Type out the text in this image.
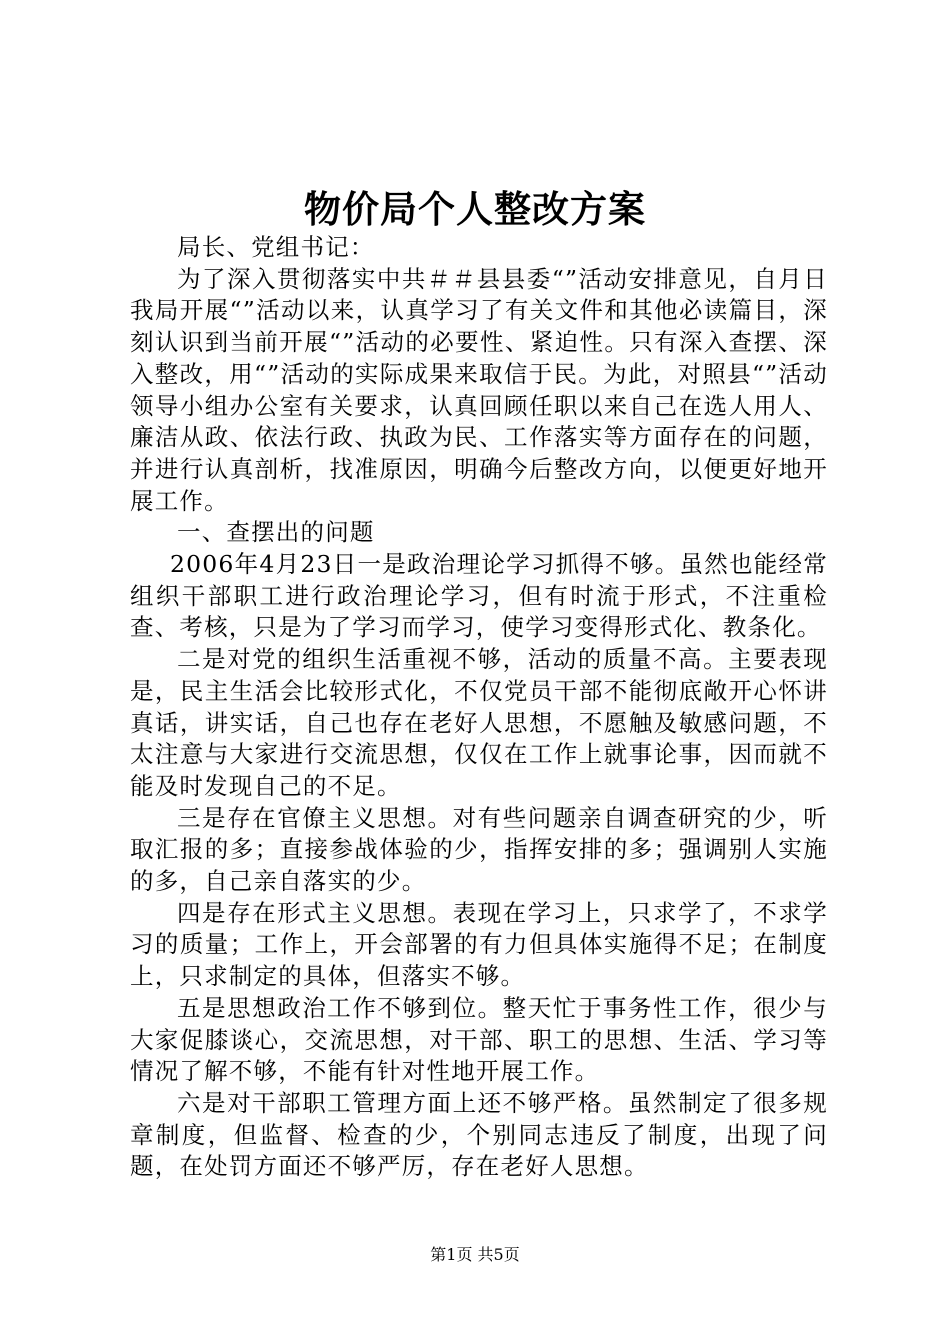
物价局个人整改方案

局长、党组书记：

为了深入贯彻落实中共＃＃县县委“”活动安排意见，自月日我局开展“”活动以来，认真学习了有关文件和其他必读篇目，深刻认识到当前开展“”活动的必要性、紧迫性。只有深入查摆、深入整改，用“”活动的实际成果来取信于民。为此，对照县“”活动领导小组办公室有关要求，认真回顾任职以来自己在选人用人、廉洁从政、依法行政、执政为民、工作落实等方面存在的问题，并进行认真剖析，找准原因，明确今后整改方向，以便更好地开展工作。

一、查摆出的问题

2006年4月23日一是政治理论学习抓得不够。虽然也能经常组织干部职工进行政治理论学习，但有时流于形式，不注重检查、考核，只是为了学习而学习，使学习变得形式化、教条化。

二是对党的组织生活重视不够，活动的质量不高。主要表现是，民主生活会比较形式化，不仅党员干部不能彻底敞开心怀讲真话，讲实话，自己也存在老好人思想，不愿触及敏感问题，不太注意与大家进行交流思想，仅仅在工作上就事论事，因而就不能及时发现自己的不足。

三是存在官僚主义思想。对有些问题亲自调查研究的少，听取汇报的多；直接参战体验的少，指挥安排的多；强调别人实施的多，自己亲自落实的少。

四是存在形式主义思想。表现在学习上，只求学了，不求学习的质量；工作上，开会部署的有力但具体实施得不足；在制度上，只求制定的具体，但落实不够。

五是思想政治工作不够到位。整天忙于事务性工作，很少与大家促膝谈心，交流思想，对干部、职工的思想、生活、学习等情况了解不够，不能有针对性地开展工作。

六是对干部职工管理方面上还不够严格。虽然制定了很多规章制度，但监督、检查的少，个别同志违反了制度，出现了问题，在处罚方面还不够严厉，存在老好人思想。

第1页 共5页
